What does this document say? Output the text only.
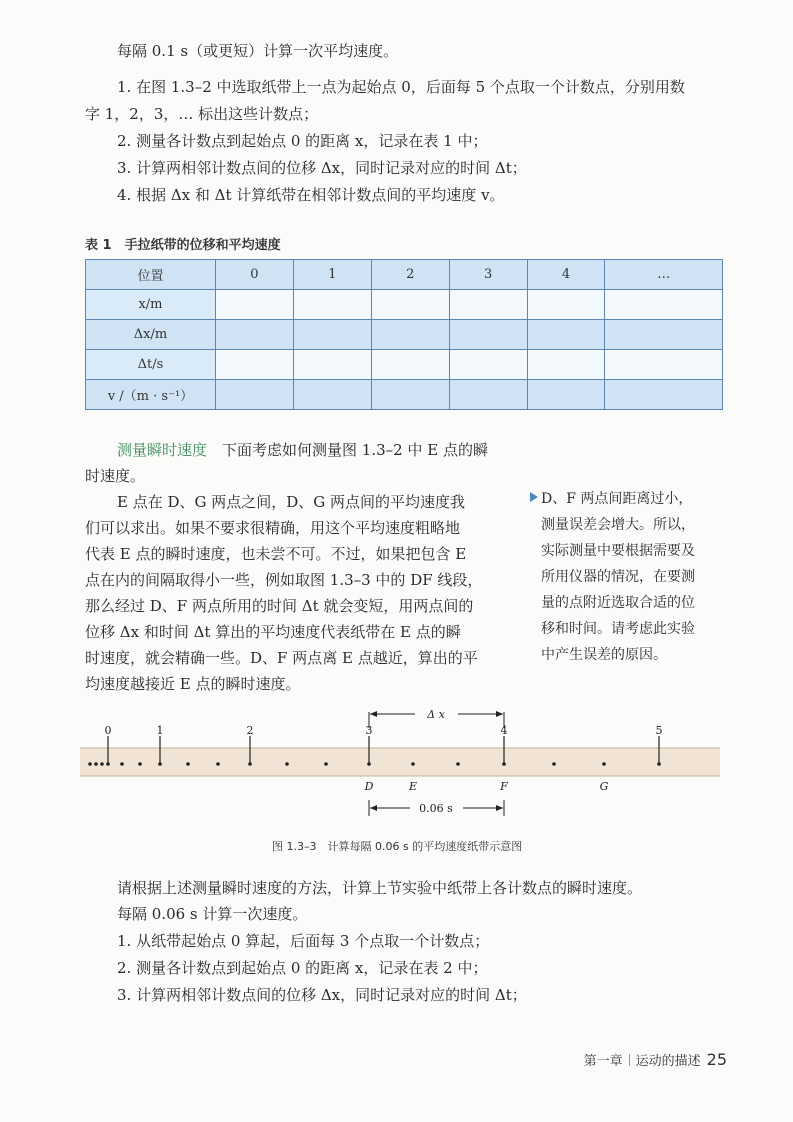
每隔 0.1 s（或更短）计算一次平均速度。
1. 在图 1.3–2 中选取纸带上一点为起始点 0，后面每 5 个点取一个计数点，分别用数
字 1，2，3，… 标出这些计数点；
2. 测量各计数点到起始点 0 的距离 x，记录在表 1 中；
3. 计算两相邻计数点间的位移 Δx，同时记录对应的时间 Δt；
4. 根据 Δx 和 Δt 计算纸带在相邻计数点间的平均速度 v。
表 1　手拉纸带的位移和平均速度
位置	0	1	2	3	4	…
x/m						
Δx/m						
Δt/s						
v /（m · s⁻¹）						
测量瞬时速度　 下面考虑如何测量图 1.3–2 中 E 点的瞬
时速度。
E 点在 D、G 两点之间，D、G 两点间的平均速度我
们可以求出。如果不要求很精确，用这个平均速度粗略地
代表 E 点的瞬时速度，也未尝不可。不过，如果把包含 E
点在内的间隔取得小一些，例如取图 1.3–3 中的 DF 线段，
那么经过 D、F 两点所用的时间 Δt 就会变短，用两点间的
位移 Δx 和时间 Δt 算出的平均速度代表纸带在 E 点的瞬
时速度，就会精确一些。D、F 两点离 E 点越近，算出的平
均速度越接近 E 点的瞬时速度。
D、F 两点间距离过小，
测量误差会增大。所以，
实际测量中要根据需要及
所用仪器的情况，在要测
量的点附近选取合适的位
移和时间。请考虑此实验
中产生误差的原因。
0	1	2	3	4	5
Δ x
D	E	F	G
0.06 s
图 1.3–3　计算每隔 0.06 s 的平均速度纸带示意图
请根据上述测量瞬时速度的方法，计算上节实验中纸带上各计数点的瞬时速度。
每隔 0.06 s 计算一次速度。
1. 从纸带起始点 0 算起，后面每 3 个点取一个计数点；
2. 测量各计数点到起始点 0 的距离 x，记录在表 2 中；
3. 计算两相邻计数点间的位移 Δx，同时记录对应的时间 Δt；
第一章 运动的描述 25
